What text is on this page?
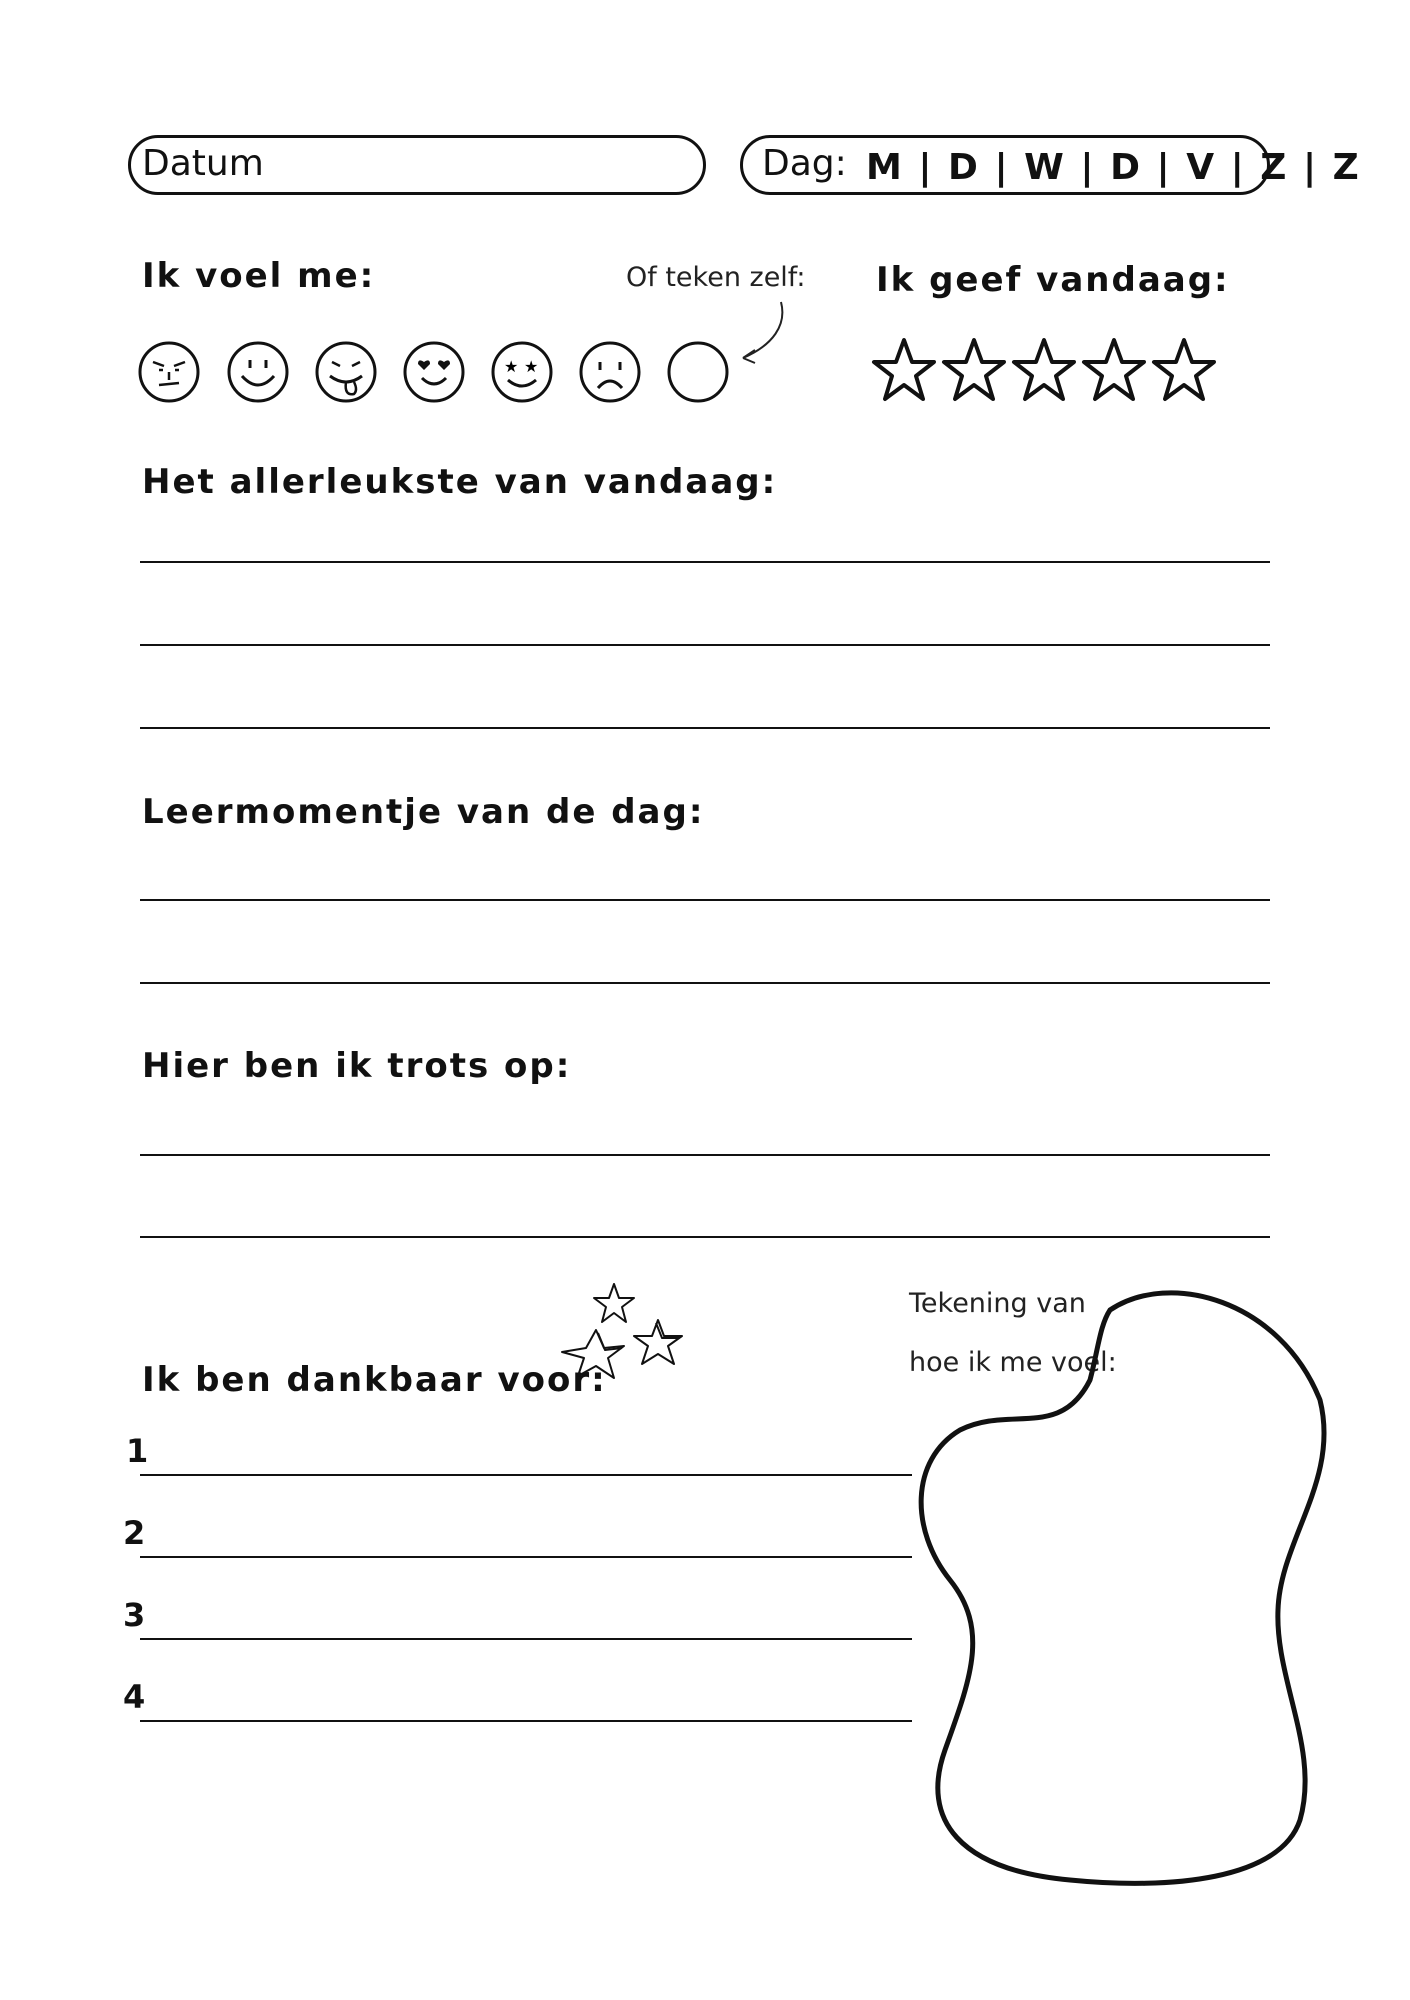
Datum	Dag: M | D | W | D | V | Z | Z
Ik voel me:	Of teken zelf:
★ ★
Ik geef vandaag:
Het allerleukste van vandaag:
Leermomentje van de dag:
Hier ben ik trots op:
Ik ben dankbaar voor:
1
2
3
4
Tekening van
hoe ik me voel:
